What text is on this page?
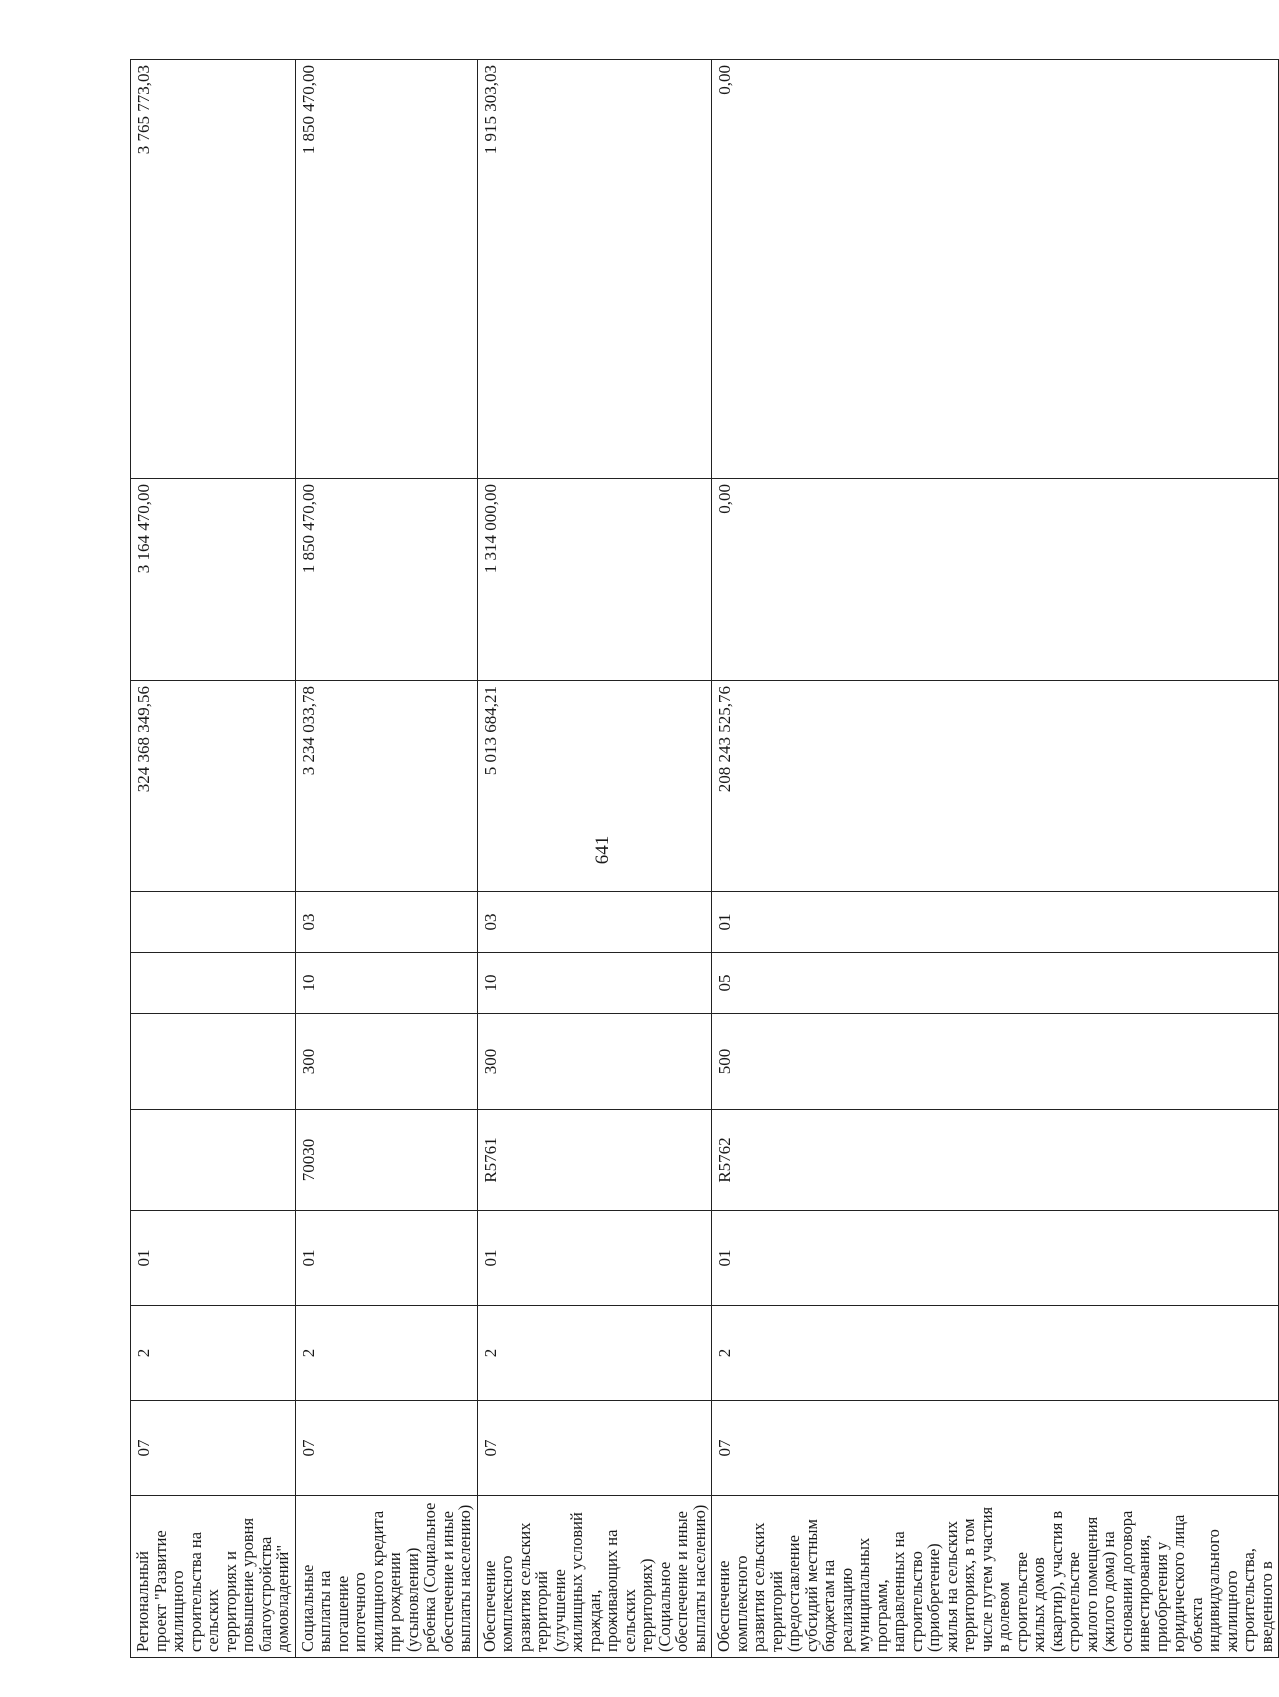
641
Региональный проект "Развитие жилищного строительства на сельских территориях и повышение уровня благоустройства домовладений"	07	2	01					324 368 349,56	3 164 470,00	3 765 773,03
Социальные выплаты на погашение ипотечного жилищного кредита при рождении (усыновлении) ребенка (Социальное обеспечение и иные выплаты населению)	07	2	01	70030	300	10	03	3 234 033,78	1 850 470,00	1 850 470,00
Обеспечение комплексного развития сельских территорий (улучшение жилищных условий граждан, проживающих на сельских территориях) (Социальное обеспечение и иные выплаты населению)	07	2	01	R5761	300	10	03	5 013 684,21	1 314 000,00	1 915 303,03
Обеспечение комплексного развития сельских территорий (предоставление субсидий местным бюджетам на реализацию муниципальных программ, направленных на строительство (приобретение) жилья на сельских территориях, в том числе путем участия в долевом строительстве жилых домов (квартир), участия в строительстве жилого помещения (жилого дома) на основании договора инвестирования, приобретения у юридического лица объекта индивидуального жилищного строительства, введенного в	07	2	01	R5762	500	05	01	208 243 525,76	0,00	0,00
